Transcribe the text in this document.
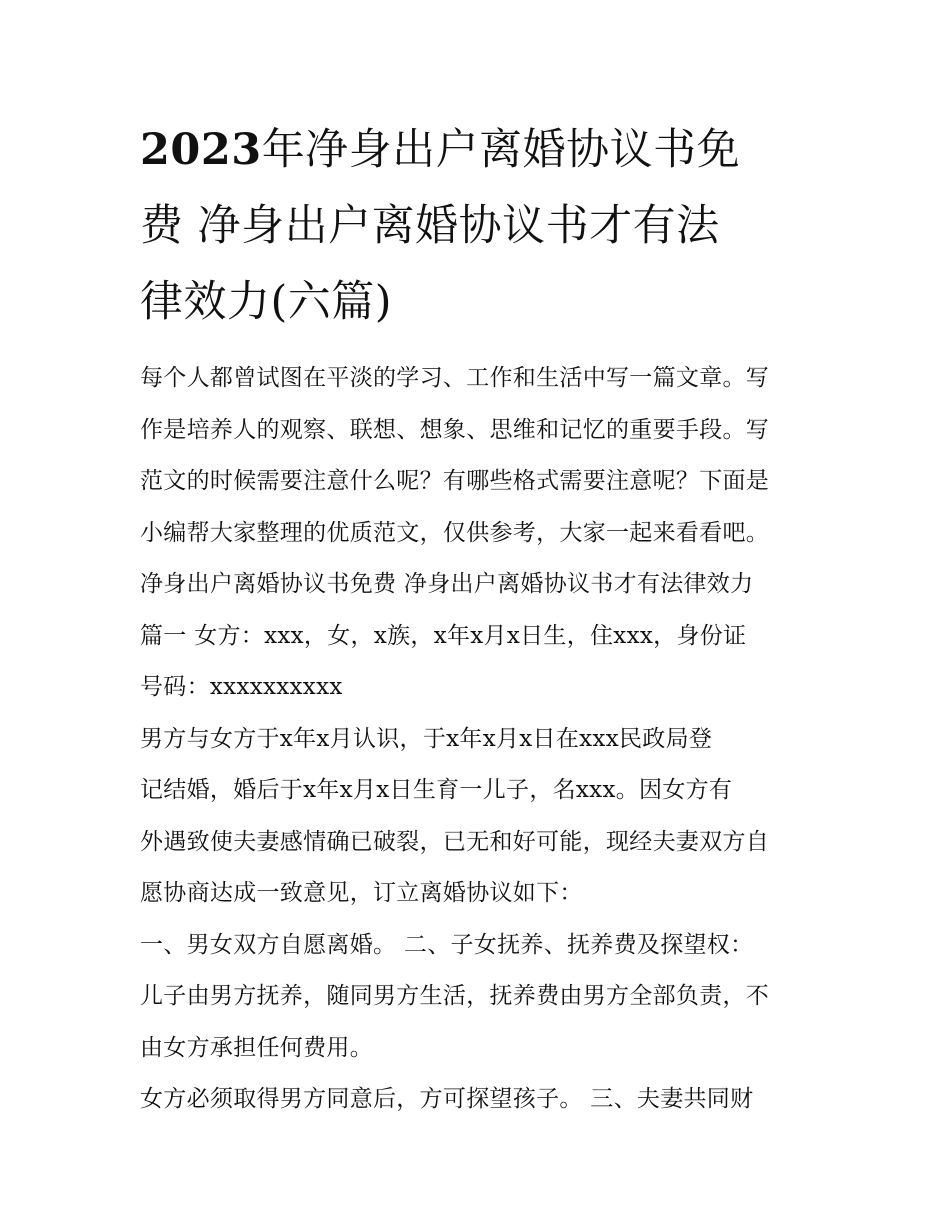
2023年净身出户离婚协议书免
费 净身出户离婚协议书才有法
律效力(六篇)
每个人都曾试图在平淡的学习、工作和生活中写一篇文章。写
作是培养人的观察、联想、想象、思维和记忆的重要手段。写
范文的时候需要注意什么呢？有哪些格式需要注意呢？下面是
小编帮大家整理的优质范文，仅供参考，大家一起来看看吧。
净身出户离婚协议书免费 净身出户离婚协议书才有法律效力
篇一 女方：xxx，女，x族，x年x月x日生，住xxx，身份证
号码：xxxxxxxxxx
男方与女方于x年x月认识，于x年x月x日在xxx民政局登
记结婚，婚后于x年x月x日生育一儿子，名xxx。因女方有
外遇致使夫妻感情确已破裂，已无和好可能，现经夫妻双方自
愿协商达成一致意见，订立离婚协议如下：
一、男女双方自愿离婚。 二、子女抚养、抚养费及探望权：
儿子由男方抚养，随同男方生活，抚养费由男方全部负责，不
由女方承担任何费用。
女方必须取得男方同意后，方可探望孩子。 三、夫妻共同财
